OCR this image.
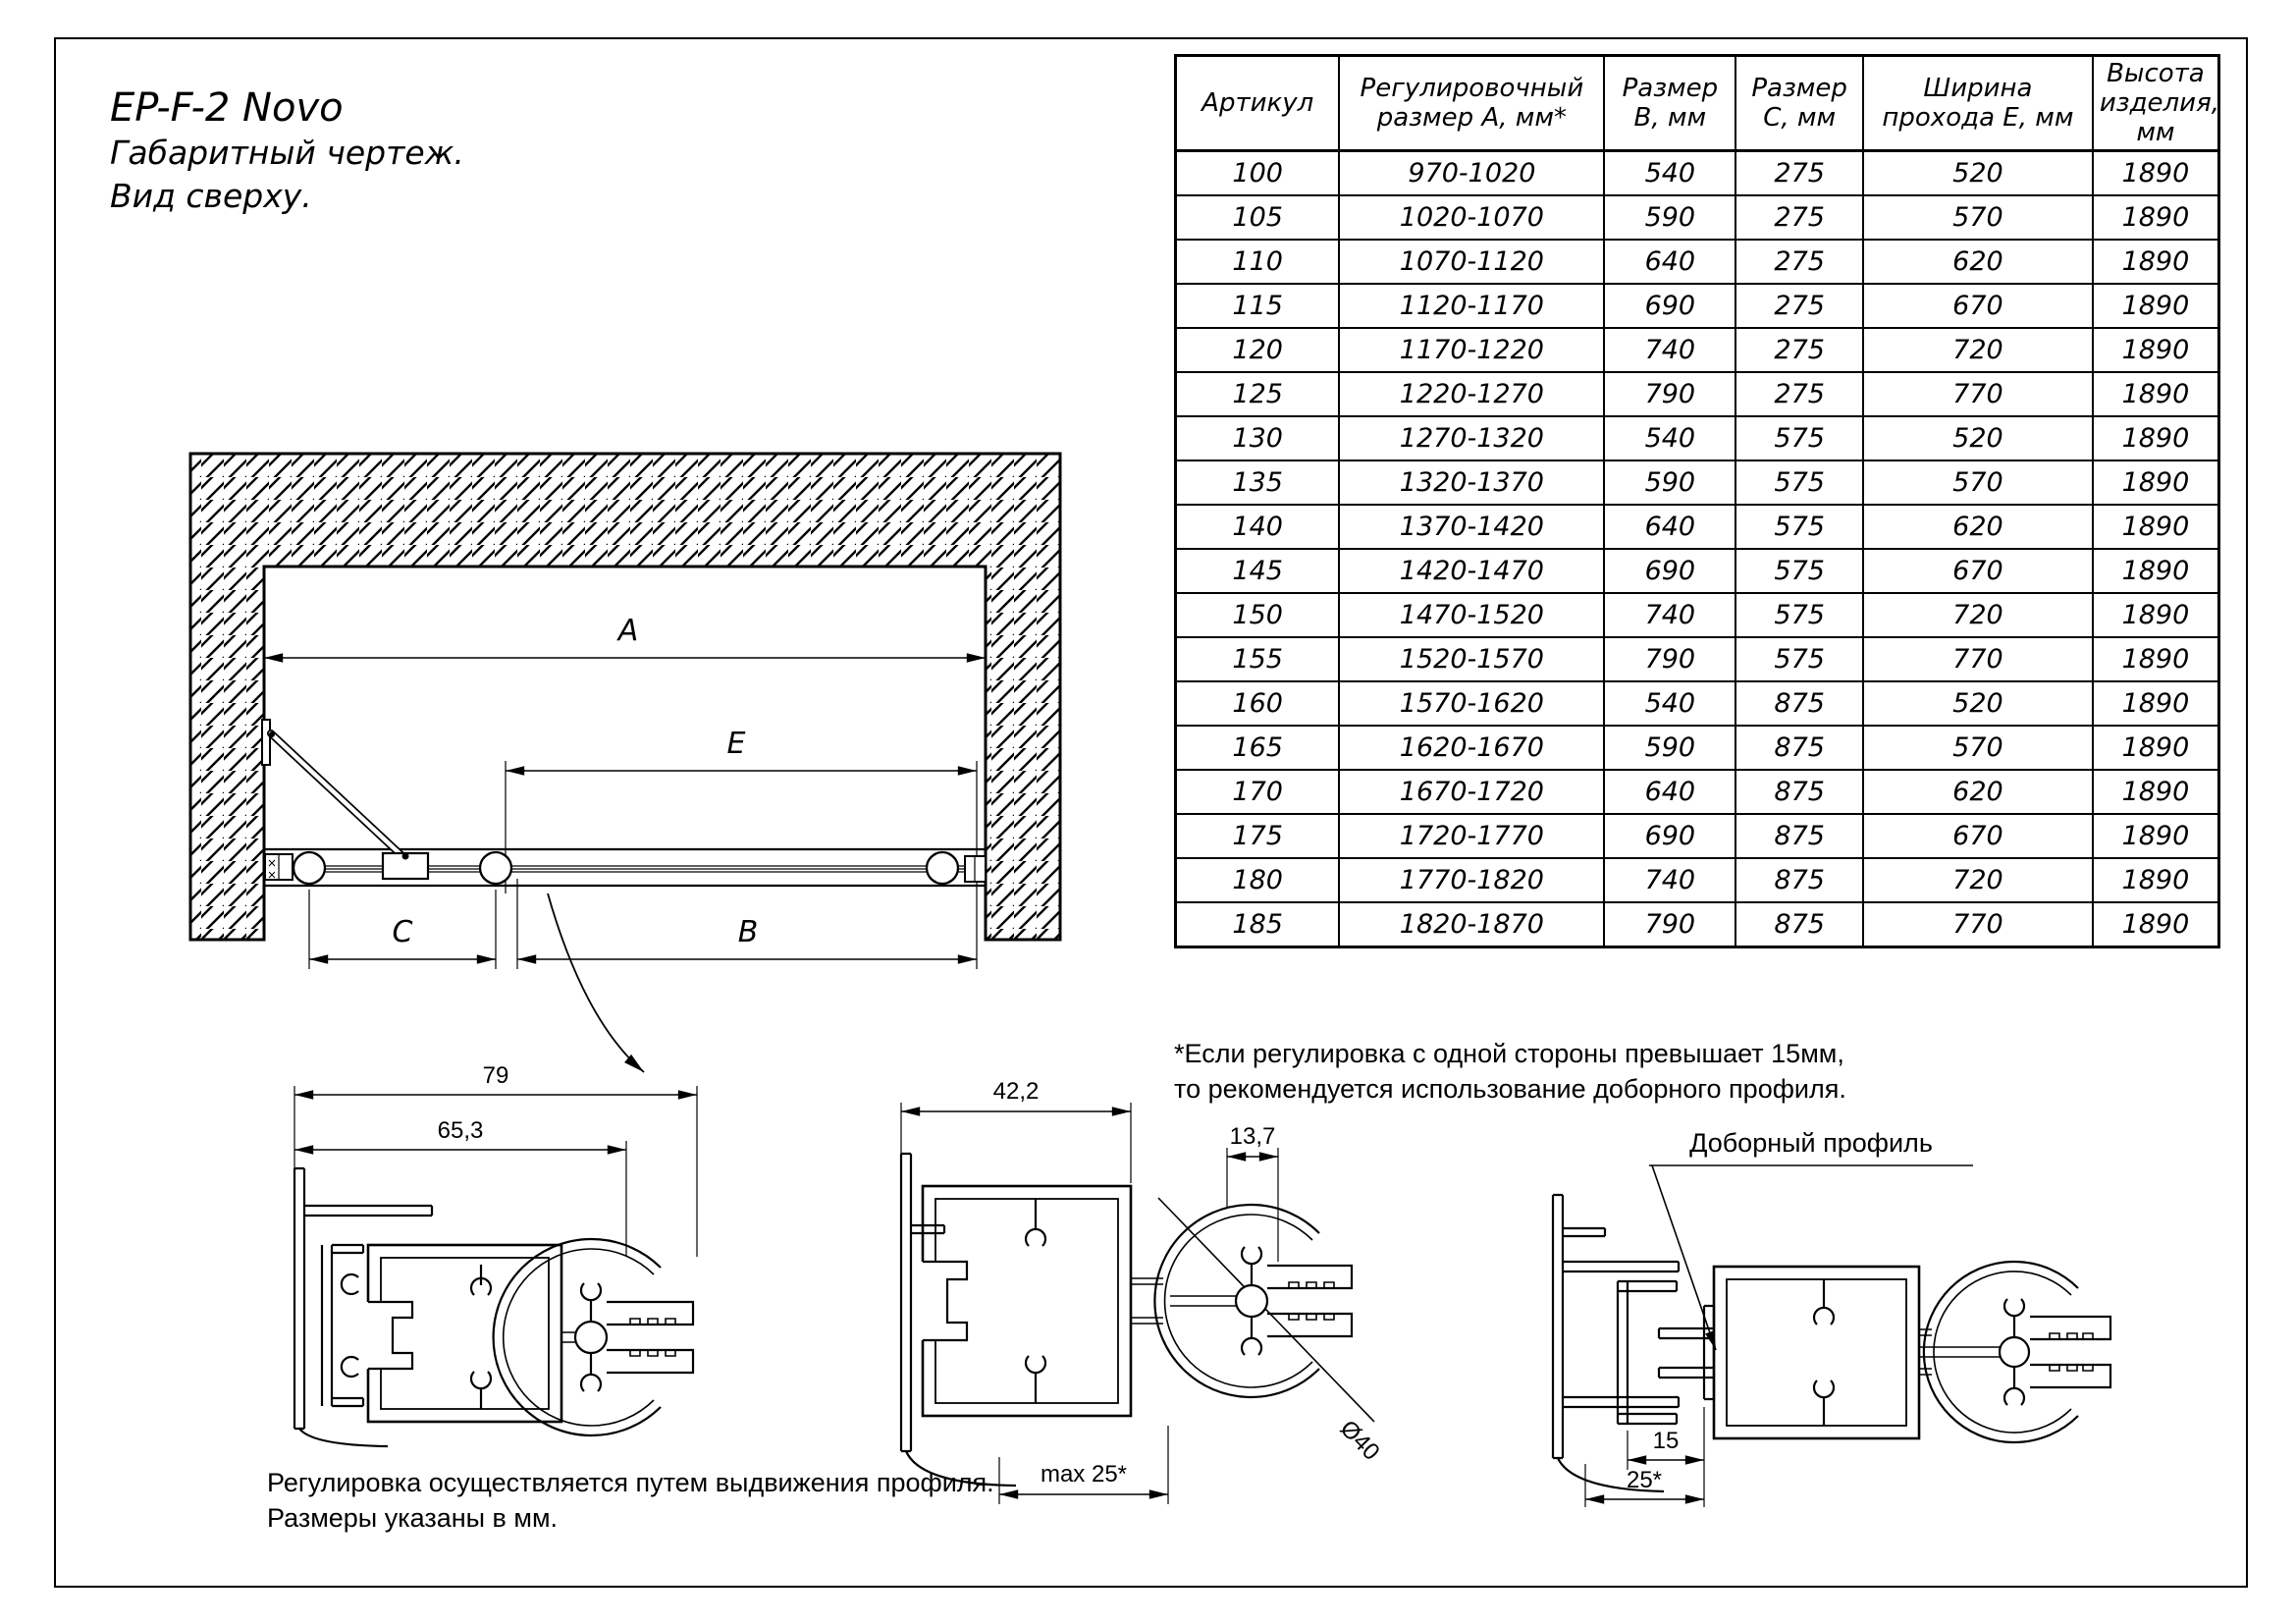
EP-F-2 Novo
Габаритный чертеж.
Вид сверху.
A
E
C	B
Артикул	Регулировочный размер А, мм*	Размер В, мм	Размер С, мм	Ширина прохода Е, мм	Высота изделия, мм
100	970-1020	540	275	520	1890
105	1020-1070	590	275	570	1890
110	1070-1120	640	275	620	1890
115	1120-1170	690	275	670	1890
120	1170-1220	740	275	720	1890
125	1220-1270	790	275	770	1890
130	1270-1320	540	575	520	1890
135	1320-1370	590	575	570	1890
140	1370-1420	640	575	620	1890
145	1420-1470	690	575	670	1890
150	1470-1520	740	575	720	1890
155	1520-1570	790	575	770	1890
160	1570-1620	540	875	520	1890
165	1620-1670	590	875	570	1890
170	1670-1720	640	875	620	1890
175	1720-1770	690	875	670	1890
180	1770-1820	740	875	720	1890
185	1820-1870	790	875	770	1890
*Если регулировка с одной стороны превышает 15мм,
то рекомендуется использование доборного профиля.
79
65,3
42,2
13,7
max 25*
Ø40
Доборный профиль
15
25*
Регулировка осуществляется путем выдвижения профиля.
Размеры указаны в мм.
